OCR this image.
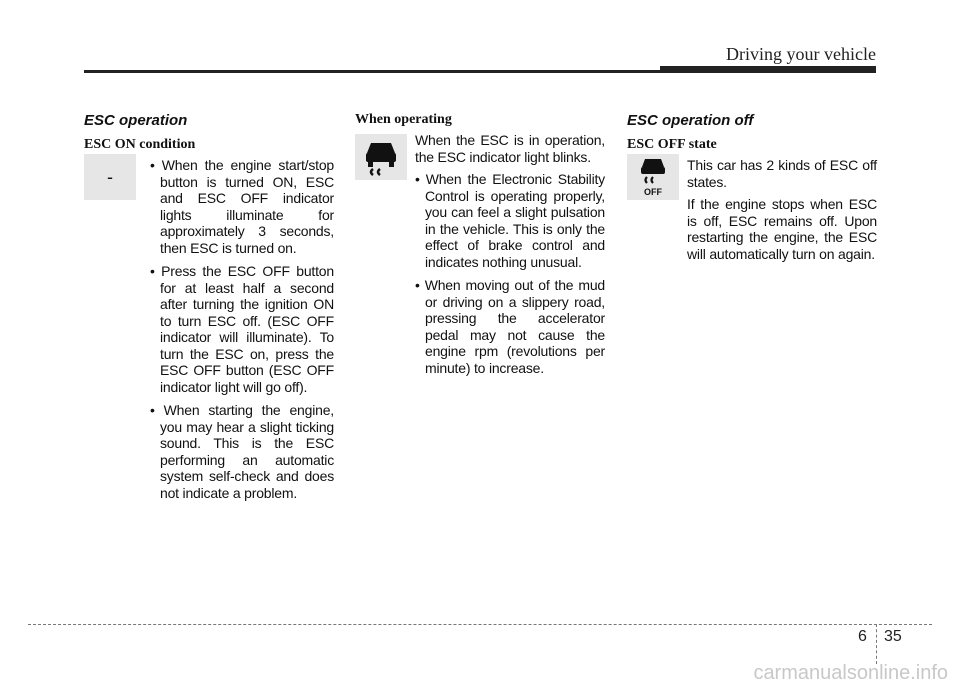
Driving your vehicle
ESC operation
ESC ON condition
-
• When the engine start/stop button is turned ON, ESC and ESC OFF indicator lights illuminate for approximately 3 seconds, then ESC is turned on.
• Press the ESC OFF button for at least half a second after turning the ignition ON to turn ESC off. (ESC OFF indicator will illuminate). To turn the ESC on, press the ESC OFF button (ESC OFF indicator light will go off).
• When starting the engine, you may hear a slight ticking sound. This is the ESC performing an automatic system self-check and does not indicate a problem.
When operating

When the ESC is in operation, the ESC indicator light blinks.

• When the Electronic Stability Control is operating properly, you can feel a slight pulsation in the vehicle. This is only the effect of brake control and indicates nothing unusual.
• When moving out of the mud or driving on a slippery road, pressing the accelerator pedal may not cause the engine rpm (revolutions per minute) to increase.
ESC operation off
ESC OFF state
OFF

This car has 2 kinds of ESC off states.

If the engine stops when ESC is off, ESC remains off. Upon restarting the engine, the ESC will automatically turn on again.

6 35
carmanualsonline.info
